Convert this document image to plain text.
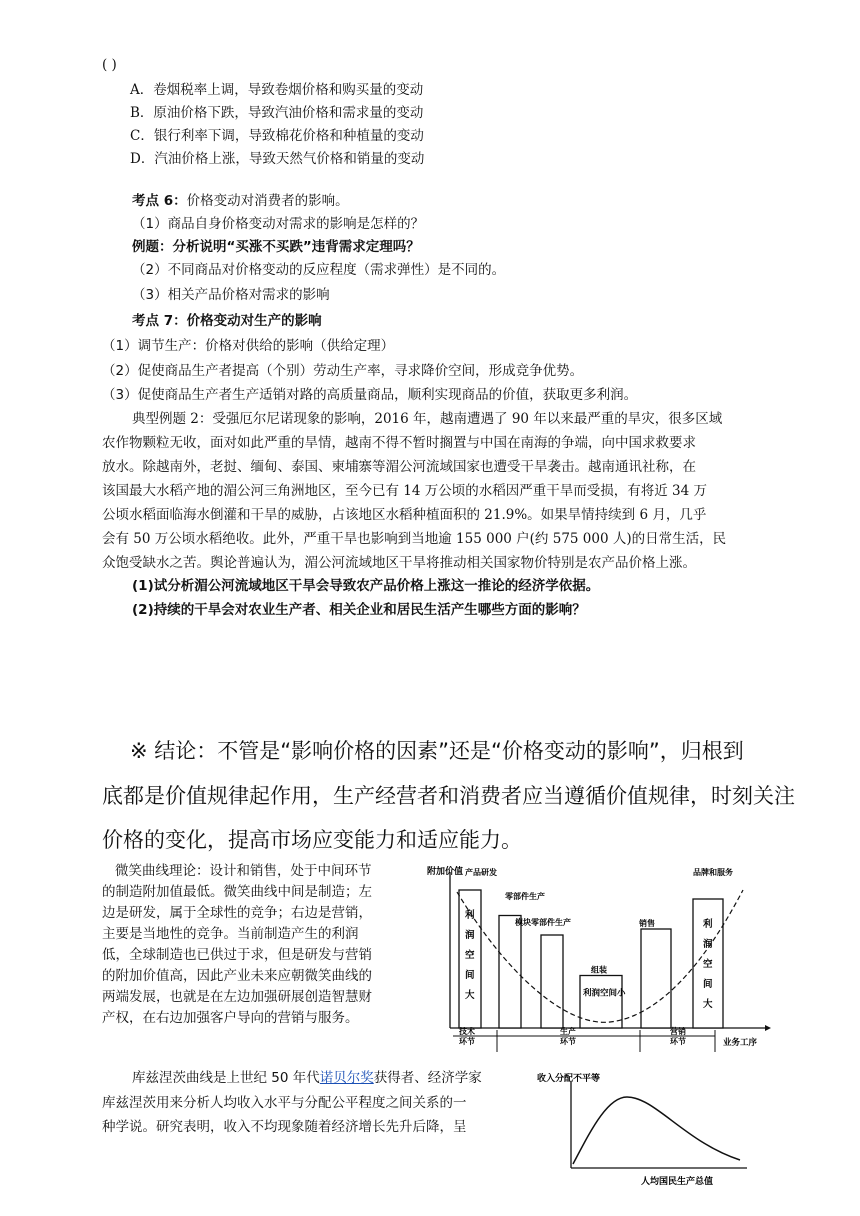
( )
A．卷烟税率上调，导致卷烟价格和购买量的变动
B．原油价格下跌，导致汽油价格和需求量的变动
C．银行利率下调，导致棉花价格和种植量的变动
D．汽油价格上涨，导致天然气价格和销量的变动
考点 6：价格变动对消费者的影响。
（1）商品自身价格变动对需求的影响是怎样的？
例题：分析说明“买涨不买跌”违背需求定理吗？
（2）不同商品对价格变动的反应程度（需求弹性）是不同的。
（3）相关产品价格对需求的影响
考点 7：价格变动对生产的影响
（1）调节生产：价格对供给的影响（供给定理）
（2）促使商品生产者提高（个别）劳动生产率，寻求降价空间，形成竞争优势。
（3）促使商品生产者生产适销对路的高质量商品，顺利实现商品的价值，获取更多利润。
典型例题 2：受强厄尔尼诺现象的影响，2016 年，越南遭遇了 90 年以来最严重的旱灾，很多区域
农作物颗粒无收，面对如此严重的旱情，越南不得不暂时搁置与中国在南海的争端，向中国求救要求
放水。除越南外，老挝、缅甸、泰国、柬埔寨等湄公河流域国家也遭受干旱袭击。越南通讯社称，在
该国最大水稻产地的湄公河三角洲地区，至今已有 14 万公顷的水稻因严重干旱而受损，有将近 34 万
公顷水稻面临海水倒灌和干旱的威胁，占该地区水稻种植面积的 21.9%。如果旱情持续到 6 月，几乎
会有 50 万公顷水稻绝收。此外，严重干旱也影响到当地逾 155 000 户(约 575 000 人)的日常生活，民
众饱受缺水之苦。舆论普遍认为，湄公河流域地区干旱将推动相关国家物价特别是农产品价格上涨。
(1)试分析湄公河流域地区干旱会导致农产品价格上涨这一推论的经济学依据。
(2)持续的干旱会对农业生产者、相关企业和居民生活产生哪些方面的影响？
※ 结论：不管是“影响价格的因素”还是“价格变动的影响”，归根到
底都是价值规律起作用，生产经营者和消费者应当遵循价值规律，时刻关注
价格的变化，提高市场应变能力和适应能力。
微笑曲线理论：设计和销售，处于中间环节
的制造附加值最低。微笑曲线中间是制造；左
边是研发，属于全球性的竞争；右边是营销，
主要是当地性的竞争。当前制造产生的利润
低，全球制造也已供过于求，但是研发与营销
的附加价值高，因此产业未来应朝微笑曲线的
两端发展，也就是在左边加强研展创造智慧财
产权，在右边加强客户导向的营销与服务。
附加价值
业务工序
产品研发
利润空间大
零部件生产
模块零部件生产
组装
利润空间小
销售
品牌和服务
利润空间大
技术环节
生产环节
营销环节
库兹涅茨曲线是上世纪 50 年代诺贝尔奖获得者、经济学家
库兹涅茨用来分析人均收入水平与分配公平程度之间关系的一
种学说。研究表明，收入不均现象随着经济增长先升后降，呈
收入分配不平等
人均国民生产总值
